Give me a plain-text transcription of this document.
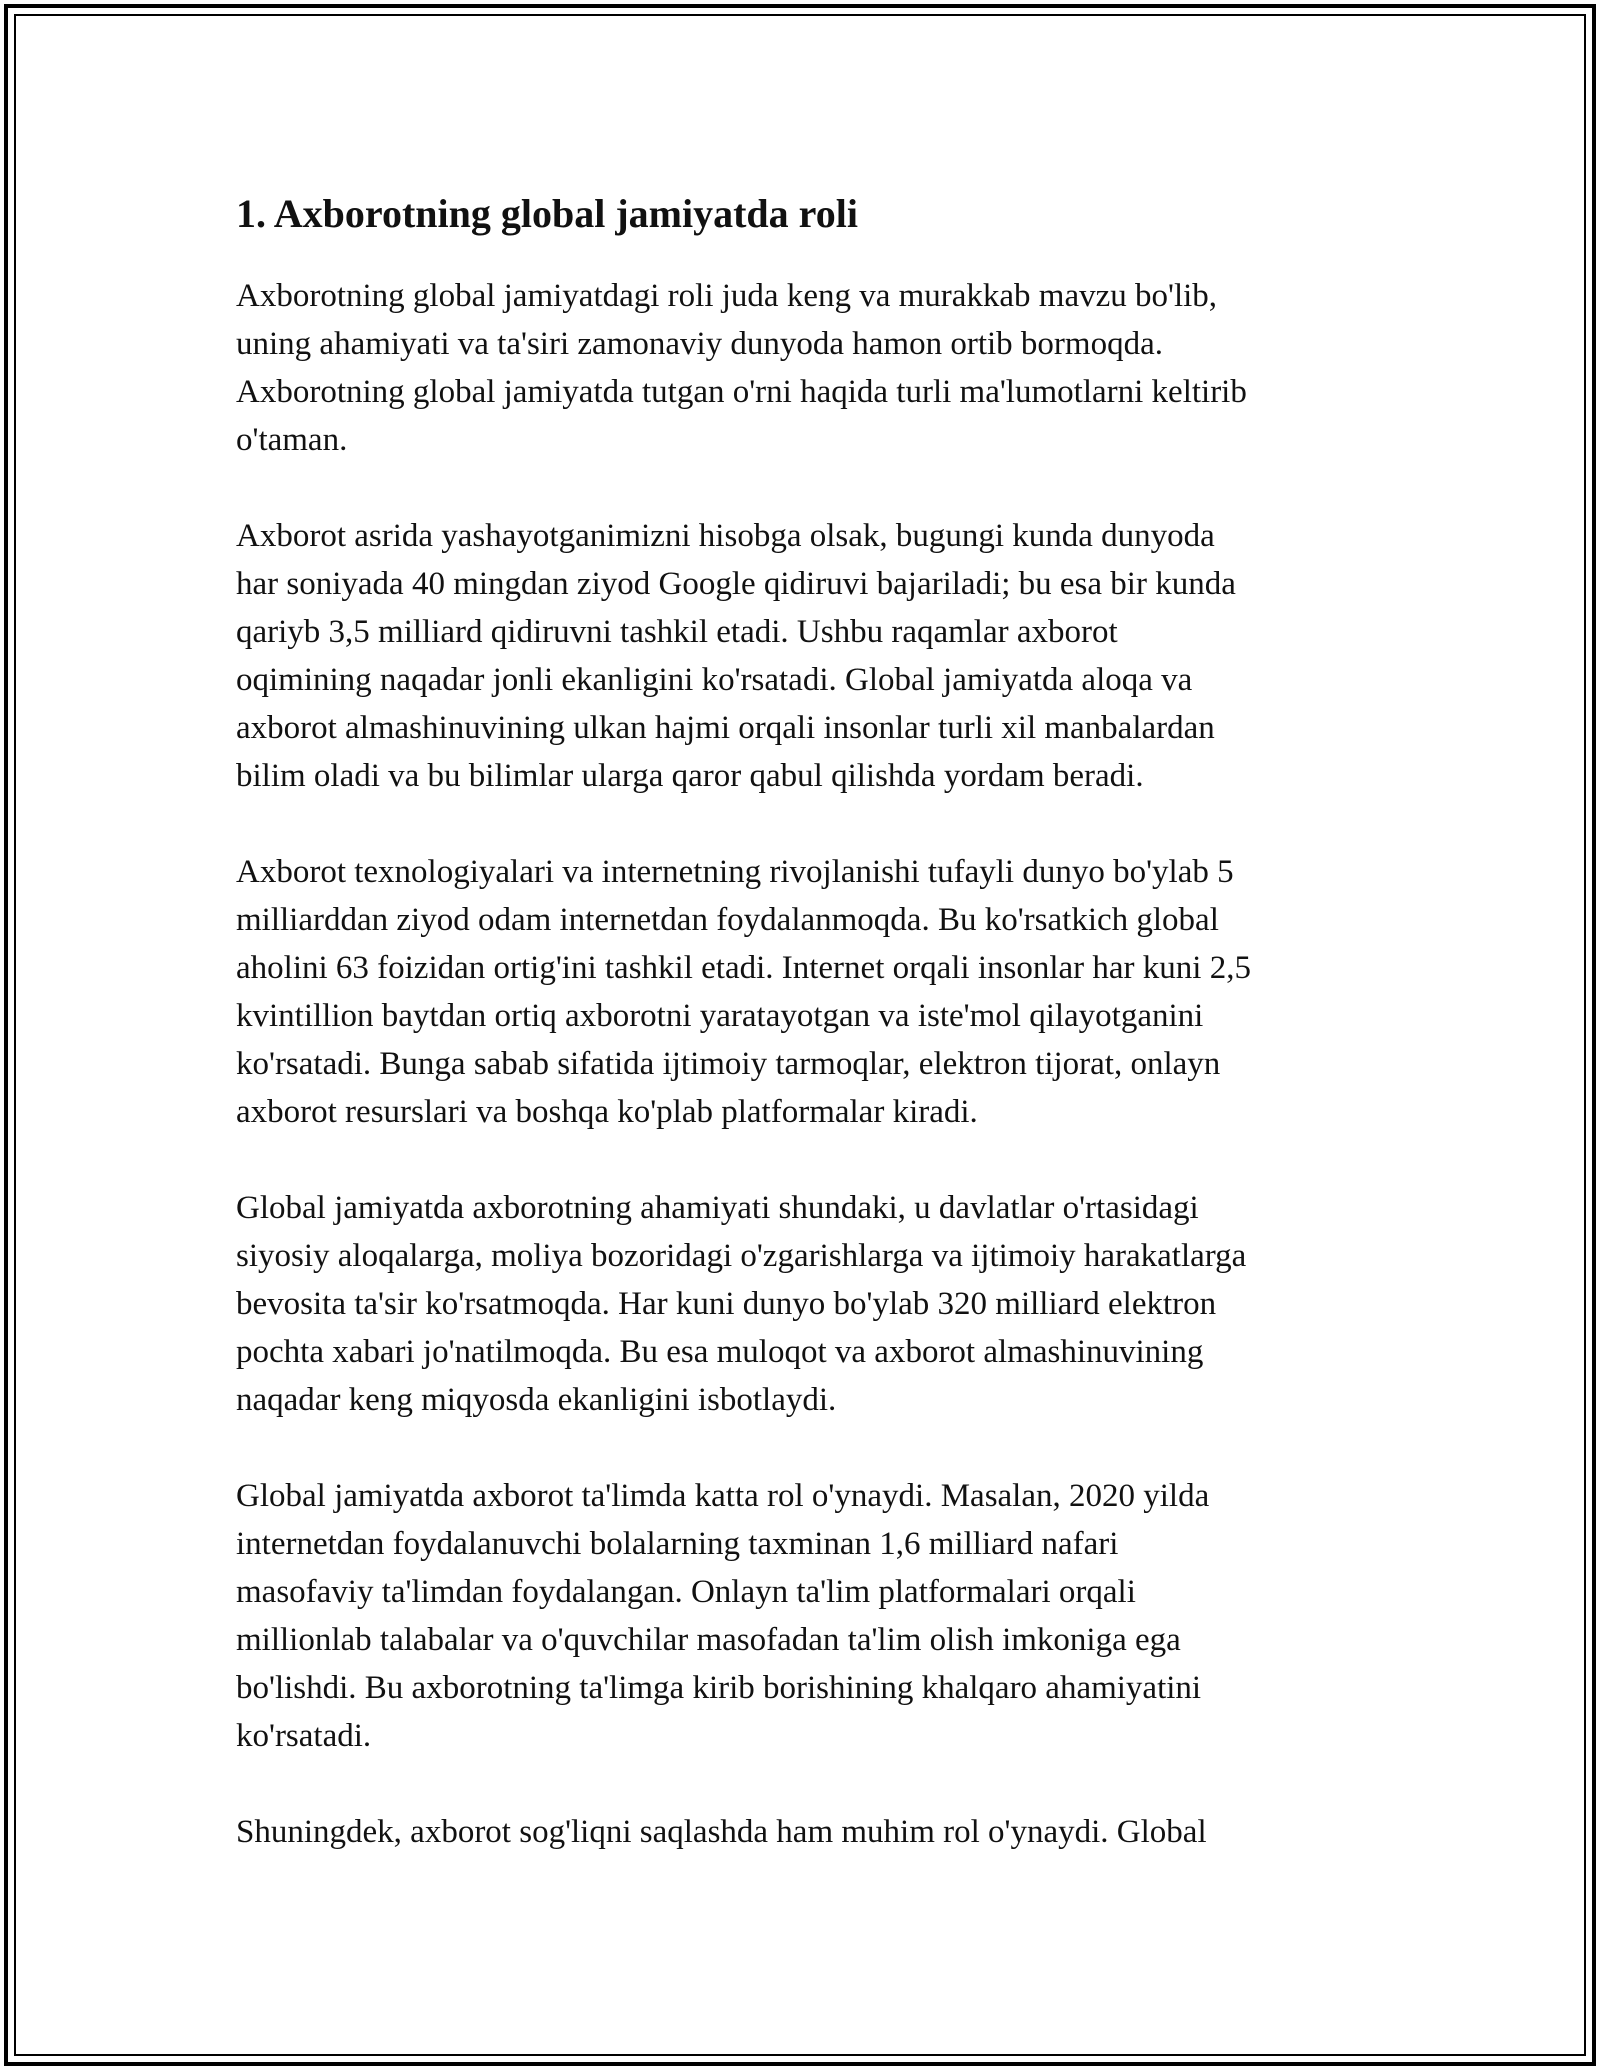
1. Axborotning global jamiyatda roli

Axborotning global jamiyatdagi roli juda keng va murakkab mavzu bo'lib,
uning ahamiyati va ta'siri zamonaviy dunyoda hamon ortib bormoqda.
Axborotning global jamiyatda tutgan o'rni haqida turli ma'lumotlarni keltirib
o'taman.

Axborot asrida yashayotganimizni hisobga olsak, bugungi kunda dunyoda
har soniyada 40 mingdan ziyod Google qidiruvi bajariladi; bu esa bir kunda
qariyb 3,5 milliard qidiruvni tashkil etadi. Ushbu raqamlar axborot
oqimining naqadar jonli ekanligini ko'rsatadi. Global jamiyatda aloqa va
axborot almashinuvining ulkan hajmi orqali insonlar turli xil manbalardan
bilim oladi va bu bilimlar ularga qaror qabul qilishda yordam beradi.

Axborot texnologiyalari va internetning rivojlanishi tufayli dunyo bo'ylab 5
milliarddan ziyod odam internetdan foydalanmoqda. Bu ko'rsatkich global
aholini 63 foizidan ortig'ini tashkil etadi. Internet orqali insonlar har kuni 2,5
kvintillion baytdan ortiq axborotni yaratayotgan va iste'mol qilayotganini
ko'rsatadi. Bunga sabab sifatida ijtimoiy tarmoqlar, elektron tijorat, onlayn
axborot resurslari va boshqa ko'plab platformalar kiradi.

Global jamiyatda axborotning ahamiyati shundaki, u davlatlar o'rtasidagi
siyosiy aloqalarga, moliya bozoridagi o'zgarishlarga va ijtimoiy harakatlarga
bevosita ta'sir ko'rsatmoqda. Har kuni dunyo bo'ylab 320 milliard elektron
pochta xabari jo'natilmoqda. Bu esa muloqot va axborot almashinuvining
naqadar keng miqyosda ekanligini isbotlaydi.

Global jamiyatda axborot ta'limda katta rol o'ynaydi. Masalan, 2020 yilda
internetdan foydalanuvchi bolalarning taxminan 1,6 milliard nafari
masofaviy ta'limdan foydalangan. Onlayn ta'lim platformalari orqali
millionlab talabalar va o'quvchilar masofadan ta'lim olish imkoniga ega
bo'lishdi. Bu axborotning ta'limga kirib borishining khalqaro ahamiyatini
ko'rsatadi.

Shuningdek, axborot sog'liqni saqlashda ham muhim rol o'ynaydi. Global
